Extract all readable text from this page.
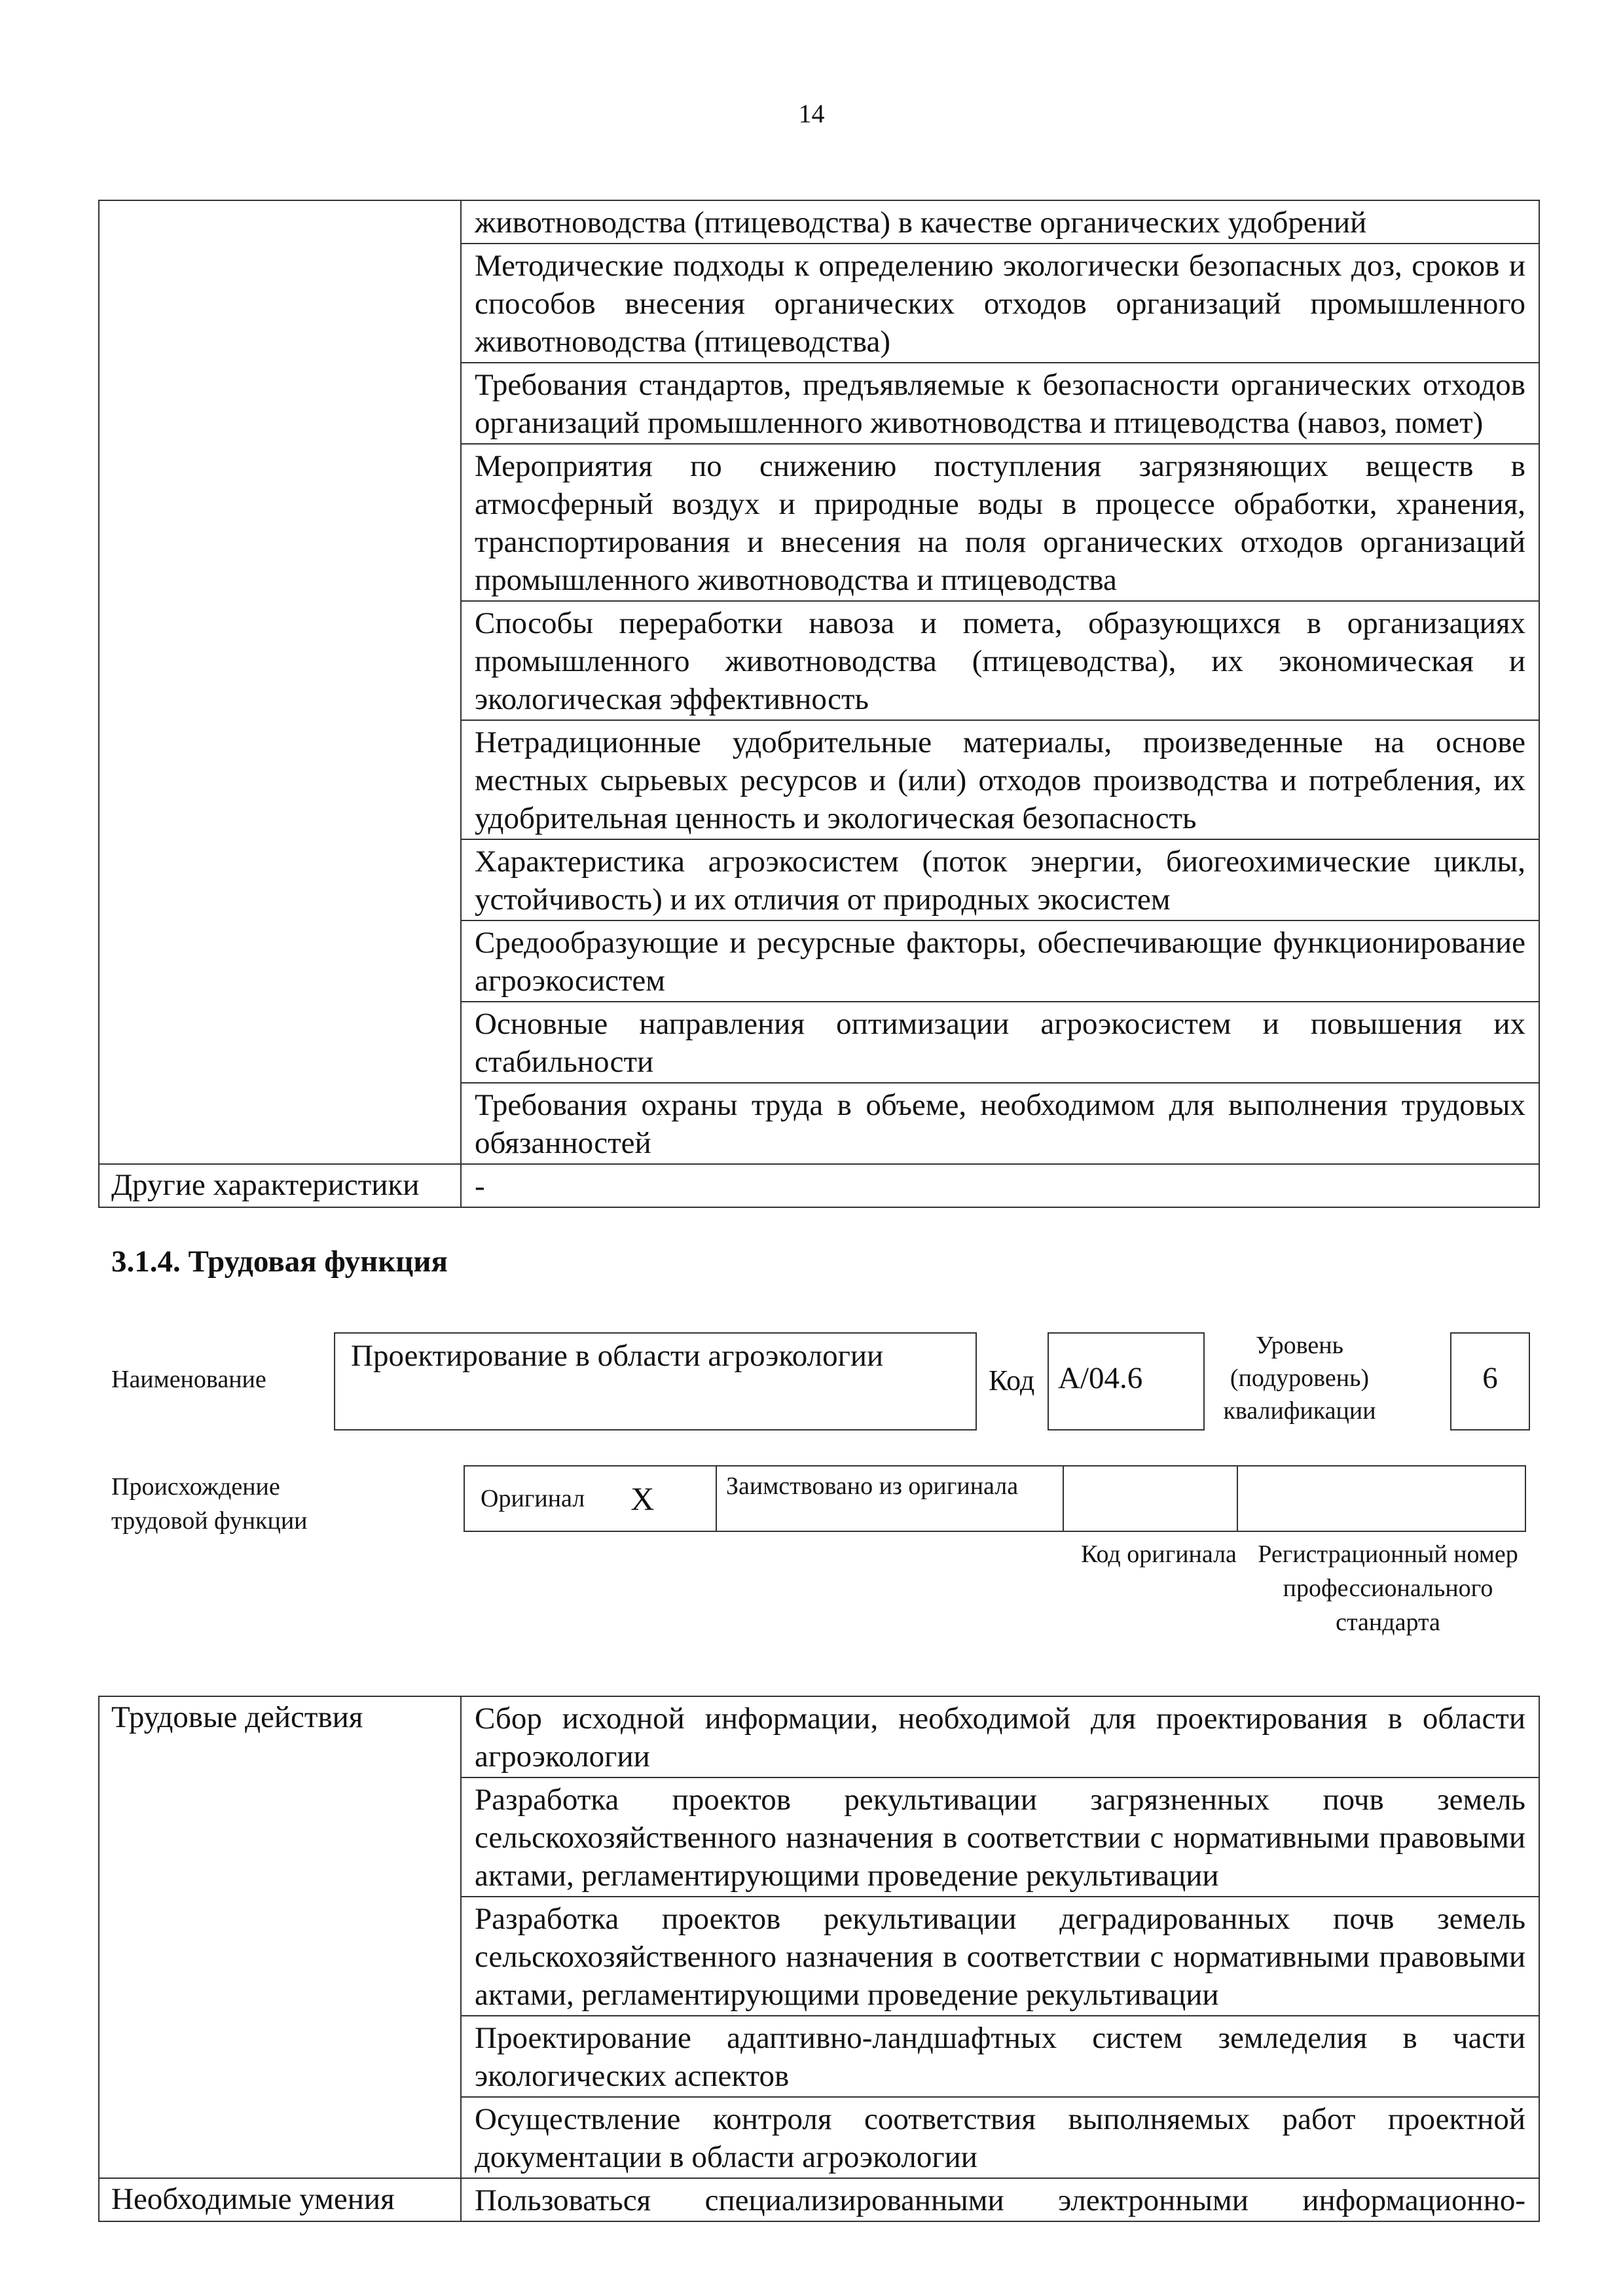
14
	животноводства (птицеводства) в качестве органических удобрений
	Методические подходы к определению экологически безопасных доз, сроков и способов внесения органических отходов организаций промышленного животноводства (птицеводства)
	Требования стандартов, предъявляемые к безопасности органических отходов организаций промышленного животноводства и птицеводства (навоз, помет)
	Мероприятия по снижению поступления загрязняющих веществ в атмосферный воздух и природные воды в процессе обработки, хранения, транспортирования и внесения на поля органических отходов организаций промышленного животноводства и птицеводства
	Способы переработки навоза и помета, образующихся в организациях промышленного животноводства (птицеводства), их экономическая и экологическая эффективность
	Нетрадиционные удобрительные материалы, произведенные на основе местных сырьевых ресурсов и (или) отходов производства и потребления, их удобрительная ценность и экологическая безопасность
	Характеристика агроэкосистем (поток энергии, биогеохимические циклы, устойчивость) и их отличия от природных экосистем
	Средообразующие и ресурсные факторы, обеспечивающие функционирование агроэкосистем
	Основные направления оптимизации агроэкосистем и повышения их стабильности
	Требования охраны труда в объеме, необходимом для выполнения трудовых обязанностей
Другие характеристики	-
3.1.4. Трудовая функция
Наименование
Проектирование в области агроэкологии
Код A/04.6
Уровень (подуровень) квалификации
6
Происхождение трудовой функции
Оригинал X	Заимствовано из оригинала
Код оригинала Регистрационный номер профессионального стандарта
Трудовые действия	Сбор исходной информации, необходимой для проектирования в области агроэкологии
	Разработка проектов рекультивации загрязненных почв земель сельскохозяйственного назначения в соответствии с нормативными правовыми актами, регламентирующими проведение рекультивации
	Разработка проектов рекультивации деградированных почв земель сельскохозяйственного назначения в соответствии с нормативными правовыми актами, регламентирующими проведение рекультивации
	Проектирование адаптивно-ландшафтных систем земледелия в части экологических аспектов
	Осуществление контроля соответствия выполняемых работ проектной документации в области агроэкологии
Необходимые умения	Пользоваться специализированными электронными информационно-
